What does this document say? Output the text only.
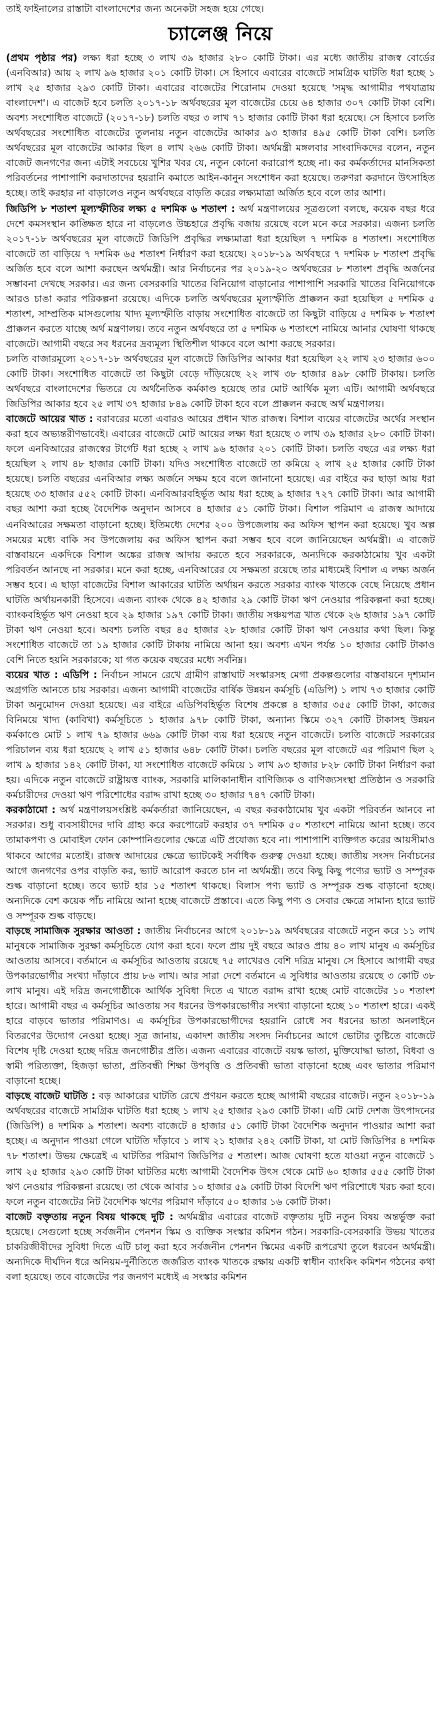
তাই ফাইনালের রাস্তাটা বাংলাদেশের জন্য অনেকটা সহজ হয়ে গেছে।

চ্যালেঞ্জ নিয়ে

(প্রথম পৃষ্ঠার পর) লক্ষ্য ধরা হচ্ছে ৩ লাখ ৩৯ হাজার ২৮০ কোটি টাকা। এর মধ্যে জাতীয় রাজস্ব বোর্ডের (এনবিআর) আয় ২ লাখ ৯৬ হাজার ২০১ কোটি টাকা। সে হিসাবে এবারের বাজেটে সামগ্রিক ঘাটতি ধরা হচ্ছে ১ লাখ ২৫ হাজার ২৯৩ কোটি টাকা। এবারের বাজেটের শিরোনাম দেওয়া হয়েছে 'সমৃদ্ধ আগামীর পথযাত্রায় বাংলাদেশ'। এ বাজেট হবে চলতি ২০১৭-১৮ অর্থবছরের মূল বাজেটের চেয়ে ৬৪ হাজার ৩০৭ কোটি টাকা বেশি। অবশ্য সংশোধিত বাজেটে (২০১৭-১৮) চলতি বছর ৩ লাখ ৭১ হাজার কোটি টাকা ধরা হয়েছে। সে হিসাবে চলতি অর্থবছরের সংশোধিত বাজেটের তুলনায় নতুন বাজেটের আকার ৯৩ হাজার ৪৯৫ কোটি টাকা বেশি। চলতি অর্থবছরের মূল বাজেটের আকার ছিল ৪ লাখ ২৬৬ কোটি টাকা। অর্থমন্ত্রী মঙ্গলবার সাংবাদিকদের বলেন, নতুন বাজেট জনগণের জন্য এটাই সবচেয়ে খুশির খবর যে, নতুন কোনো করারোপ হচ্ছে না। কর কর্মকর্তাদের মানসিকতা পরিবর্তনের পাশাপাশি করদাতাদের হয়রানি কমাতে আইন-কানুন সংশোধন করা হয়েছে। তরুণরা করদানে উৎসাহিত হচ্ছে। তাই করহার না বাড়ালেও নতুন অর্থবছরে বাড়তি করের লক্ষ্যমাত্রা অর্জিত হবে বলে তার আশা।

জিডিপি ৮ শতাংশ মূল্যস্ফীতির লক্ষ্য ৫ দশমিক ৬ শতাংশ : অর্থ মন্ত্রণালয়ের সূত্রগুলো বলছে, কয়েক বছর ধরে দেশে কমসংস্থান কাঙ্ক্ষিত হারে না বাড়লেও উচ্চহারে প্রবৃদ্ধি বজায় রয়েছে বলে মনে করে সরকার। এজন্য চলতি ২০১৭-১৮ অর্থবছরের মূল বাজেটে জিডিপি প্রবৃদ্ধির লক্ষ্যমাত্রা ধরা হয়েছিল ৭ দশমিক ৪ শতাংশ। সংশোধিত বাজেটে তা বাড়িয়ে ৭ দশমিক ৬৫ শতাংশ নির্ধারণ করা হয়েছে। ২০১৮-১৯ অর্থবছরে ৭ দশমিক ৮ শতাংশ প্রবৃদ্ধি অর্জিত হবে বলে আশা করছেন অর্থমন্ত্রী। আর নির্বাচনের পর ২০১৯-২০ অর্থবছরের ৮ শতাংশ প্রবৃদ্ধি অর্জনের সম্ভাবনা দেখছে সরকার। এর জন্য বেসরকারি খাতের বিনিয়োগ বাড়ানোর পাশাপাশি সরকারি খাতের বিনিয়োগকে আরও চাঙা করার পরিকল্পনা রয়েছে। এদিকে চলতি অর্থবছরের মূল্যস্ফীতি প্রাক্কলন করা হয়েছিল ৫ দশমিক ৫ শতাংশ, সাম্প্রতিক মাসগুলোয় খাদ্য মূল্যস্ফীতি বাড়ায় সংশোধিত বাজেটে তা কিছুটা বাড়িয়ে ৫ দশমিক ৮ শতাংশ প্রাক্কলন করতে যাচ্ছে অর্থ মন্ত্রণালয়। তবে নতুন অর্থবছরে তা ৫ দশমিক ৬ শতাংশে নামিয়ে আনার ঘোষণা থাকছে বাজেটে। আগামী বছরে সব ধরনের দ্রব্যমূল্য স্থিতিশীল থাকবে বলে আশা করছে সরকার।

চলতি বাজারমূল্যে ২০১৭-১৮ অর্থবছরের মূল বাজেটে জিডিপির আকার ধরা হয়েছিল ২২ লাখ ২৩ হাজার ৬০০ কোটি টাকা। সংশোধিত বাজেটে তা কিছুটা বেড়ে দাঁড়িয়েছে ২২ লাখ ৩৮ হাজার ৪৯৮ কোটি টাকায়। চলতি অর্থবছরে বাংলাদেশের ভিতরে যে অর্থনৈতিক কর্মকাণ্ড হয়েছে তার মোট আর্থিক মূল্য এটি। আগামী অর্থবছরে জিডিপির আকার হবে ২৫ লাখ ৩৭ হাজার ৮৪৯ কোটি টাকা হবে বলে প্রাক্কলন করছে অর্থ মন্ত্রণালয়।

বাজেটে আয়ের খাত : বরাবরের মতো এবারও আয়ের প্রধান খাত রাজস্ব। বিশাল ব্যয়ের বাজেটের অর্থের সংস্থান করা হবে অভ্যন্তরীণভাবেই। এবারের বাজেটে মোট আয়ের লক্ষ্য ধরা হয়েছে ৩ লাখ ৩৯ হাজার ২৮০ কোটি টাকা। ফলে এনবিআরের রাজস্বের টার্গেট ধরা হচ্ছে ২ লাখ ৯৬ হাজার ২০১ কোটি টাকা। চলতি বছরে এর লক্ষ্য ধরা হয়েছিল ২ লাখ ৪৮ হাজার কোটি টাকা। যদিও সংশোধিত বাজেটে তা কমিয়ে ২ লাখ ২৫ হাজার কোটি টাকা হয়েছে। চলতি বছরের এনবিআর লক্ষ্য অর্জনে সক্ষম হবে বলে জানানো হয়েছে। এর বাইরে কর ছাড়া আয় ধরা হয়েছে ৩৩ হাজার ৫৫২ কোটি টাকা। এনবিআরবহির্ভূত আয় ধরা হচ্ছে ৯ হাজার ৭২৭ কোটি টাকা। আর আগামী বছর আশা করা হচ্ছে বৈদেশিক অনুদান আসবে ৪ হাজার ৫১ কোটি টাকা। বিশাল পরিমাণ এ রাজস্ব আদায়ে এনবিআরের সক্ষমতা বাড়ানো হচ্ছে। ইতিমধ্যে দেশের ২০০ উপজেলায় কর অফিস স্থাপন করা হয়েছে। খুব অল্প সময়ের মধ্যে বাকি সব উপজেলায় কর অফিস স্থাপন করা সম্ভব হবে বলে জানিয়েছেন অর্থমন্ত্রী। এ বাজেট বাস্তবায়নে একদিকে বিশাল অঙ্কের রাজস্ব আদায় করতে হবে সরকারকে, অন্যদিকে করকাঠামোয় খুব একটা পরিবর্তন আনছে না সরকার। মনে করা হচ্ছে, এনবিআরের যে সক্ষমতা রয়েছে তার মাধ্যমেই বিশাল এ লক্ষ্য অর্জন সম্ভব হবে। এ ছাড়া বাজেটের বিশাল আকারের ঘাটতি অর্থায়ন করতে সরকার ব্যাংক খাতকে বেছে নিয়েছে প্রধান ঘাটতি অর্থায়নকারী হিসেবে। এজন্য ব্যাংক থেকে ৪২ হাজার ২৯ কোটি টাকা ঋণ নেওয়ার পরিকল্পনা করা হচ্ছে। ব্যাংকবহির্ভূত ঋণ নেওয়া হবে ২৯ হাজার ১৯৭ কোটি টাকা। জাতীয় সঞ্চয়পত্র খাত থেকে ২৬ হাজার ১৯৭ কোটি টাকা ঋণ নেওয়া হবে। অবশ্য চলতি বছর ৪৫ হাজার ২৮ হাজার কোটি টাকা ঋণ নেওয়ার কথা ছিল। কিন্তু সংশোধিত বাজেটে তা ১৯ হাজার কোটি টাকায় নামিয়ে আনা হয়। অবশ্য এখন পর্যন্ত ১০ হাজার কোটি টাকাও বেশি নিতে হয়নি সরকারকে; যা গত কয়েক বছরের মধ্যে সর্বনিম্ন।

ব্যয়ের খাত : এডিপি : নির্বাচন সামনে রেখে গ্রামীণ রাস্তাঘাট সংস্কারসহ মেগা প্রকল্পগুলোর বাস্তবায়নে দৃশ্যমান অগ্রগতি আনতে চায় সরকার। এজন্য আগামী বাজেটের বার্ষিক উন্নয়ন কর্মসূচি (এডিপি) ১ লাখ ৭৩ হাজার কোটি টাকা অনুমোদন দেওয়া হয়েছে। এর বাইরে এডিপিবহির্ভূত বিশেষ প্রকল্পে ৪ হাজার ৩৫৫ কোটি টাকা, কাজের বিনিময়ে খাদ্য (কাবিখা) কর্মসূচিতে ১ হাজার ৯৭৮ কোটি টাকা, অন্যান্য স্কিমে ৩২৭ কোটি টাকাসহ উন্নয়ন কর্মকাণ্ডে মোট ১ লাখ ৭৯ হাজার ৬৬৯ কোটি টাকা ব্যয় ধরা হয়েছে নতুন বাজেটে। চলতি বাজেটে সরকারের পরিচালন ব্যয় ধরা হয়েছে ২ লাখ ৫১ হাজার ৬৪৮ কোটি টাকা। চলতি বছরের মূল বাজেটে এর পরিমাণ ছিল ২ লাখ ৯ হাজার ১৪২ কোটি টাকা, যা সংশোধিত বাজেটে কমিয়ে ১ লাখ ৯৩ হাজার ৮২৮ কোটি টাকা নির্ধারণ করা হয়। এদিকে নতুন বাজেটে রাষ্ট্রায়ত্ত ব্যাংক, সরকারি মালিকানাধীন বাণিজ্যিক ও বাণিজ্যসংস্থা প্রতিষ্ঠান ও সরকারি কর্মচারীদের দেওয়া ঋণ পরিশোধের বরাদ্দ রাখা হচ্ছে ৩০ হাজার ৭৪৭ কোটি টাকা।

করকাঠামো : অর্থ মন্ত্রণালয়সংশ্লিষ্ট কর্মকর্তারা জানিয়েছেন, এ বছর করকাঠামোয় খুব একটা পরিবর্তন আনবে না সরকার। শুধু ব্যবসায়ীদের দাবি গ্রাহ্য করে করপোরেট করহার ৩৭ দশমিক ৫০ শতাংশে নামিয়ে আনা হচ্ছে। তবে তামাকপণ্য ও মোবাইল ফোন কোম্পানিগুলোর ক্ষেত্রে এটি প্রযোজ্য হবে না। পাশাপাশি ব্যক্তিগত করের আয়সীমাও থাকবে আগের মতোই। রাজস্ব আদায়ের ক্ষেত্রে ভ্যাটকেই সর্বাধিক গুরুত্ব দেওয়া হচ্ছে। জাতীয় সংসদ নির্বাচনের আগে জনগণের ওপর বাড়তি কর, ভ্যাট আরোপ করতে চান না অর্থমন্ত্রী। তবে কিছু কিছু পণ্যের ভ্যাট ও সম্পূরক শুল্ক বাড়ানো হচ্ছে। তবে ভ্যাট হার ১৫ শতাংশ থাকছে। বিলাস পণ্য ভ্যাট ও সম্পূরক শুল্ক বাড়ানো হচ্ছে। অন্যদিকে বেশ কয়েক পাঁচ নামিয়ে আনা হচ্ছে বাজেটে প্রস্তাবে। এতে কিছু পণ্য ও সেবার ক্ষেত্রে সামান্য হারে ভ্যাট ও সম্পূরক শুল্ক বাড়ছে।

বাড়ছে সামাজিক সুরক্ষার আওতা : জাতীয় নির্বাচনের আগে ২০১৮-১৯ অর্থবছরের বাজেটে নতুন করে ১১ লাখ মানুষকে সামাজিক সুরক্ষা কর্মসূচিতে যোগ করা হবে। ফলে প্রায় দুই বছরে আরও প্রায় ৪০ লাখ মানুষ এ কর্মসূচির আওতায় আসবে। বর্তমানে এ কর্মসূচির আওতায় রয়েছে ৭৫ লাখেরও বেশি দরিদ্র মানুষ। সে হিসাবে আগামী বছর উপকারভোগীর সংখ্যা দাঁড়াবে প্রায় ৮৬ লাখ। আর সারা দেশে বর্তমানে এ সুবিধার আওতায় রয়েছে ৩ কোটি ৩৮ লাখ মানুষ। এই দরিদ্র জনগোষ্ঠীকে আর্থিক সুবিধা দিতে এ খাতে বরাদ্দ রাখা হচ্ছে মোট বাজেটের ১০ শতাংশ হারে। আগামী বছর এ কর্মসূচির আওতায় সব ধরনের উপকারভোগীর সংখ্যা বাড়ানো হচ্ছে ১০ শতাংশ হারে। একই হারে বাড়বে ভাতার পরিমাণও। এ কর্মসূচির উপকারভোগীদের হয়রানি রোধে সব ধরনের ভাতা অনলাইনে বিতরণের উদ্যোগ নেওয়া হচ্ছে। সূত্র জানায়, একাদশ জাতীয় সংসদ নির্বাচনের আগে ভোটার তুষ্টিতে বাজেটে বিশেষ দৃষ্টি দেওয়া হচ্ছে দরিদ্র জনগোষ্ঠীর প্রতি। এজন্য এবারের বাজেটে বয়স্ক ভাতা, মুক্তিযোদ্ধা ভাতা, বিধবা ও স্বামী পরিত্যক্তা, হিজড়া ভাতা, প্রতিবন্ধী শিক্ষা উপবৃত্তি ও প্রতিবন্ধী ভাতা বাড়ানো হচ্ছে এবং ভাতার পরিমাণ বাড়ানো হচ্ছে।

বাড়ছে বাজেট ঘাটতি : বড় আকারের ঘাটতি রেখে প্রণয়ন করতে হচ্ছে আগামী বছরের বাজেট। নতুন ২০১৮-১৯ অর্থবছরের বাজেটে সামগ্রিক ঘাটতি ধরা হচ্ছে ১ লাখ ২৫ হাজার ২৯৩ কোটি টাকা। এটি মোট দেশজ উৎপাদনের (জিডিপি) ৪ দশমিক ৯ শতাংশ। অবশ্য বাজেটে ৪ হাজার ৫১ কোটি টাকা বৈদেশিক অনুদান পাওয়ার আশা করা হচ্ছে। এ অনুদান পাওয়া গেলে ঘাটতি দাঁড়াবে ১ লাখ ২১ হাজার ২৪২ কোটি টাকা, যা মোট জিডিপির ৪ দশমিক ৭৮ শতাংশ। উভয় ক্ষেত্রেই এ ঘাটতির পরিমাণ জিডিপির ৫ শতাংশ। আজ ঘোষণা হতে যাওয়া নতুন বাজেটে ১ লাখ ২৫ হাজার ২৯৩ কোটি টাকা ঘাটতির মধ্যে আগামী বৈদেশিক উৎস থেকে মোট ৬০ হাজার ৫৫৫ কোটি টাকা ঋণ নেওয়ার পরিকল্পনা রয়েছে। তা থেকে আবার ১০ হাজার ৫৯ কোটি টাকা বিদেশি ঋণ পরিশোধে খরচ করা হবে। ফলে নতুন বাজেটের নিট বৈদেশিক ঋণের পরিমাণ দাঁড়াবে ৫০ হাজার ১৬ কোটি টাকা।

বাজেট বক্তৃতায় নতুন বিষয় থাকছে দুটি : অর্থমন্ত্রীর এবারের বাজেট বক্তৃতায় দুটি নতুন বিষয় অন্তর্ভুক্ত করা হয়েছে। সেগুলো হচ্ছে সর্বজনীন পেনশন স্কিম ও ব্যক্তিক সংস্কার কমিশন গঠন। সরকারি-বেসরকারি উভয় খাতের চাকরিজীবীদের সুবিধা দিতে এটি চালু করা হবে সর্বজনীন পেনশন স্কিমের একটি রূপরেখা তুলে ধরবেন অর্থমন্ত্রী। অন্যদিকে দীর্ঘদিন ধরে অনিয়ম-দুর্নীতিতে জর্জরিত ব্যাংক খাতকে রক্ষায় একটি স্বাধীন ব্যাংকিং কমিশন গঠনের কথা বলা হয়েছে। তবে বাজেটের পর জনগণ মধ্যেই এ সংস্কার কমিশন
